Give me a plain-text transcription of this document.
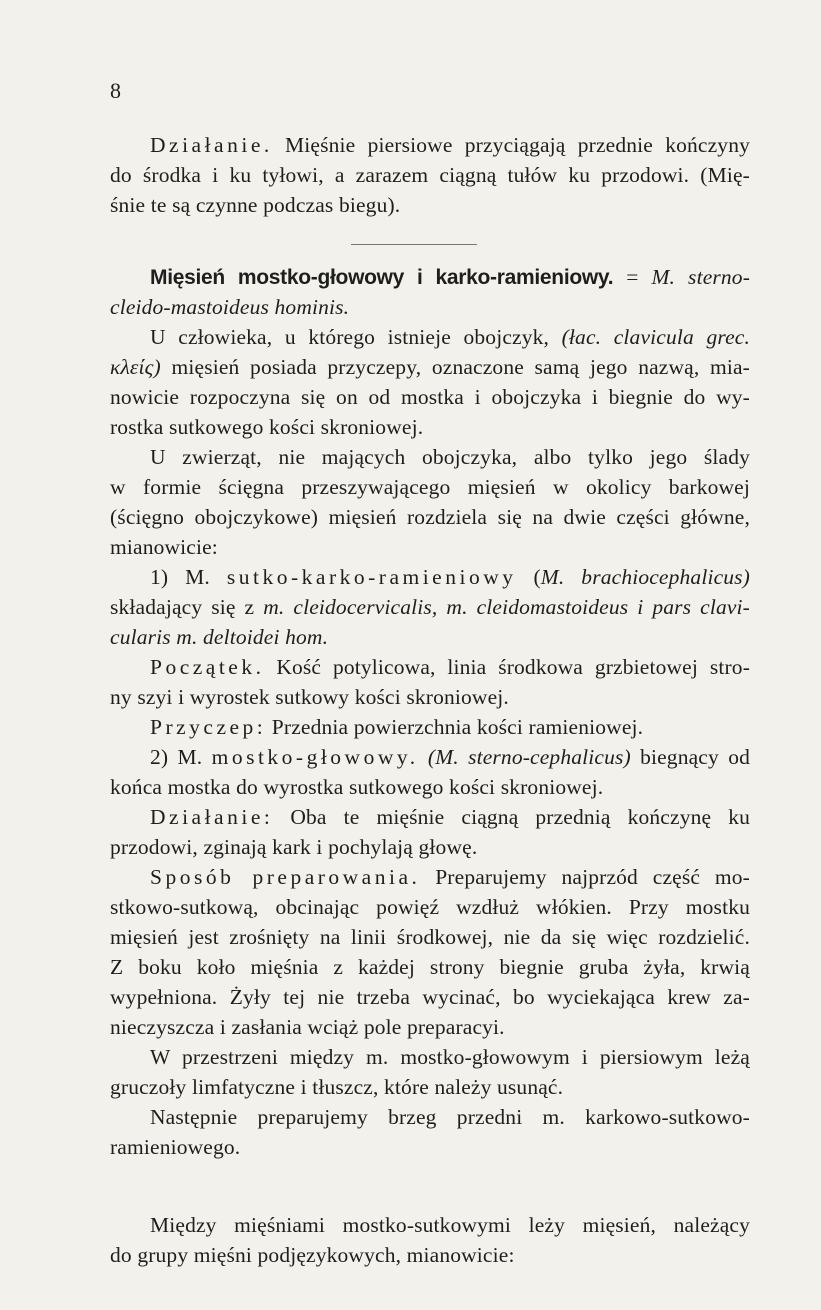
8
Działanie. Mięśnie piersiowe przyciągają przednie kończyny
do środka i ku tyłowi, a zarazem ciągną tułów ku przodowi. (Mię-
śnie te są czynne podczas biegu).
Mięsień mostko-głowowy i karko-ramieniowy. = M. sterno-
cleido-mastoideus hominis.
U człowieka, u którego istnieje obojczyk, (łac. clavicula grec.
κλείς) mięsień posiada przyczepy, oznaczone samą jego nazwą, mia-
nowicie rozpoczyna się on od mostka i obojczyka i biegnie do wy-
rostka sutkowego kości skroniowej.
U zwierząt, nie mających obojczyka, albo tylko jego ślady
w formie ścięgna przeszywającego mięsień w okolicy barkowej
(ścięgno obojczykowe) mięsień rozdziela się na dwie części główne,
mianowicie:
1) M. sutko-karko-ramieniowy (M. brachiocephalicus)
składający się z m. cleidocervicalis, m. cleidomastoideus i pars clavi-
cularis m. deltoidei hom.
Początek. Kość potylicowa, linia środkowa grzbietowej stro-
ny szyi i wyrostek sutkowy kości skroniowej.
Przyczep: Przednia powierzchnia kości ramieniowej.
2) M. mostko-głowowy. (M. sterno-cephalicus) biegnący od
końca mostka do wyrostka sutkowego kości skroniowej.
Działanie: Oba te mięśnie ciągną przednią kończynę ku
przodowi, zginają kark i pochylają głowę.
Sposób preparowania. Preparujemy najprzód część mo-
stkowo-sutkową, obcinając powięź wzdłuż włókien. Przy mostku
mięsień jest zrośnięty na linii środkowej, nie da się więc rozdzielić.
Z boku koło mięśnia z każdej strony biegnie gruba żyła, krwią
wypełniona. Żyły tej nie trzeba wycinać, bo wyciekająca krew za-
nieczyszcza i zasłania wciąż pole preparacyi.
W przestrzeni między m. mostko-głowowym i piersiowym leżą
gruczoły limfatyczne i tłuszcz, które należy usunąć.
Następnie preparujemy brzeg przedni m. karkowo-sutkowo-
ramieniowego.
Między mięśniami mostko-sutkowymi leży mięsień, należący
do grupy mięśni podjęzykowych, mianowicie:
